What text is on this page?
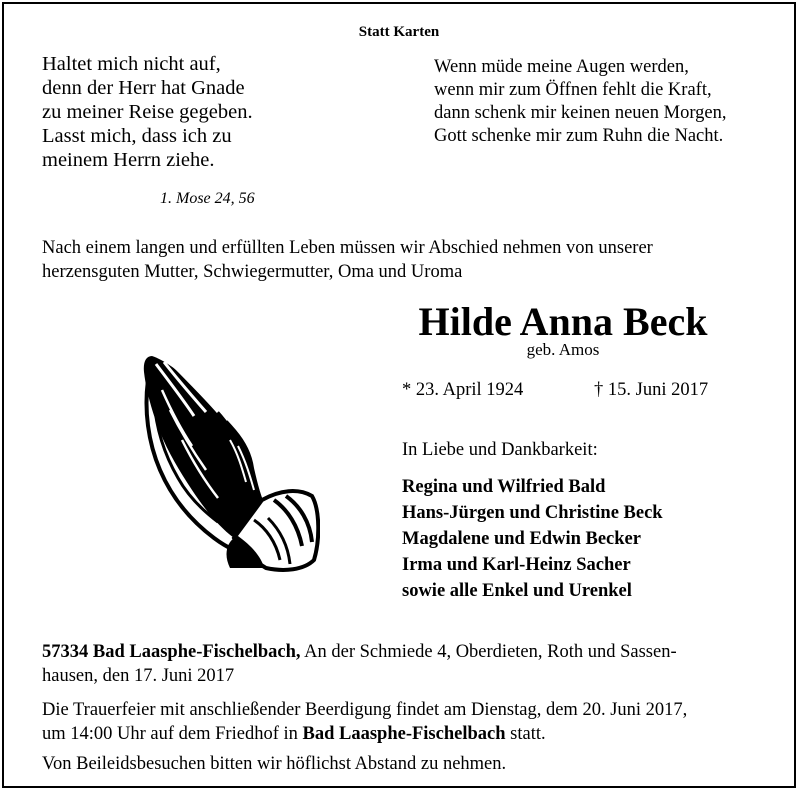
Statt Karten
Haltet mich nicht auf,
denn der Herr hat Gnade
zu meiner Reise gegeben.
Lasst mich, dass ich zu
meinem Herrn ziehe.
1. Mose 24, 56
Wenn müde meine Augen werden,
wenn mir zum Öffnen fehlt die Kraft,
dann schenk mir keinen neuen Morgen,
Gott schenke mir zum Ruhn die Nacht.
Nach einem langen und erfüllten Leben müssen wir Abschied nehmen von unserer
herzensguten Mutter, Schwiegermutter, Oma und Uroma
Hilde Anna Beck
geb. Amos
* 23. April 1924	† 15. Juni 2017
In Liebe und Dankbarkeit:
Regina und Wilfried Bald
Hans-Jürgen und Christine Beck
Magdalene und Edwin Becker
Irma und Karl-Heinz Sacher
sowie alle Enkel und Urenkel
57334 Bad Laasphe-Fischelbach, An der Schmiede 4, Oberdieten, Roth und Sassen-
hausen, den 17. Juni 2017
Die Trauerfeier mit anschließender Beerdigung findet am Dienstag, dem 20. Juni 2017,
um 14:00 Uhr auf dem Friedhof in Bad Laasphe-Fischelbach statt.
Von Beileidsbesuchen bitten wir höflichst Abstand zu nehmen.
